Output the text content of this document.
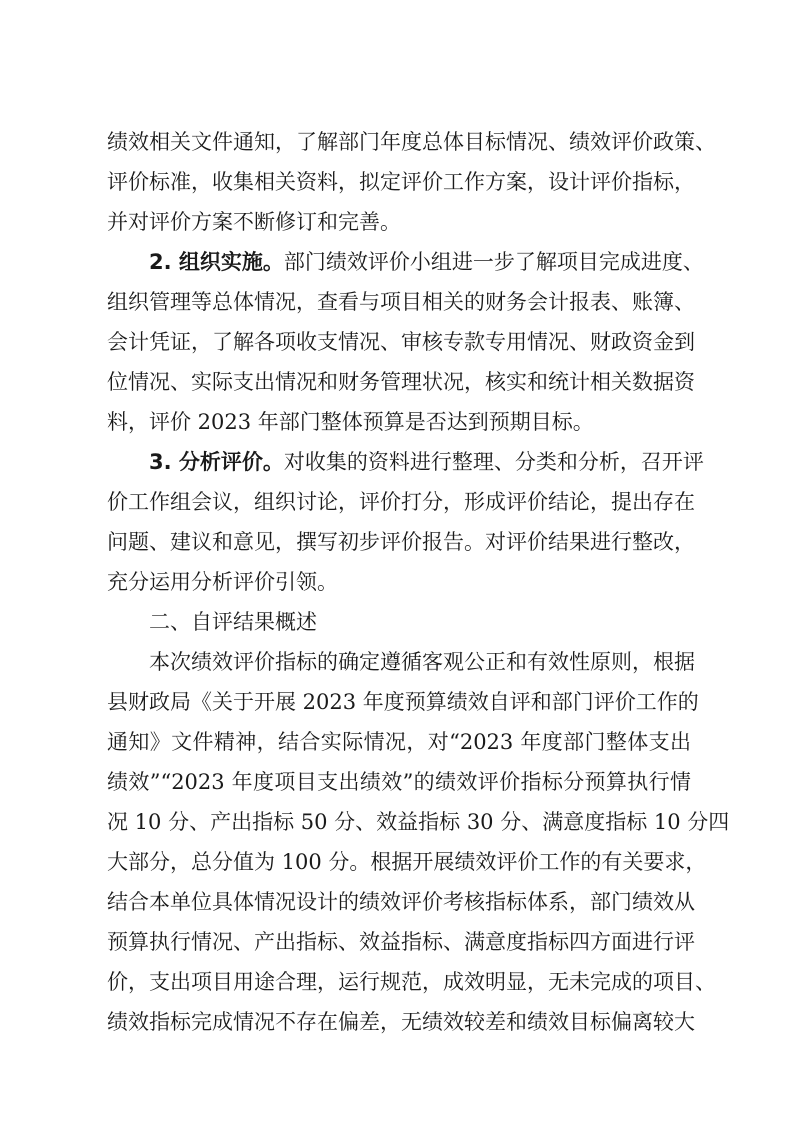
绩效相关文件通知，了解部门年度总体目标情况、绩效评价政策、
评价标准，收集相关资料，拟定评价工作方案，设计评价指标，
并对评价方案不断修订和完善。
2. 组织实施。部门绩效评价小组进一步了解项目完成进度、
组织管理等总体情况，查看与项目相关的财务会计报表、账簿、
会计凭证，了解各项收支情况、审核专款专用情况、财政资金到
位情况、实际支出情况和财务管理状况，核实和统计相关数据资
料，评价 2023 年部门整体预算是否达到预期目标。
3. 分析评价。对收集的资料进行整理、分类和分析，召开评
价工作组会议，组织讨论，评价打分，形成评价结论，提出存在
问题、建议和意见，撰写初步评价报告。对评价结果进行整改，
充分运用分析评价引领。
二、自评结果概述
本次绩效评价指标的确定遵循客观公正和有效性原则，根据
县财政局《关于开展 2023 年度预算绩效自评和部门评价工作的
通知》文件精神，结合实际情况，对“2023 年度部门整体支出
绩效”“2023 年度项目支出绩效”的绩效评价指标分预算执行情
况 10 分、产出指标 50 分、效益指标 30 分、满意度指标 10 分四
大部分，总分值为 100 分。根据开展绩效评价工作的有关要求，
结合本单位具体情况设计的绩效评价考核指标体系，部门绩效从
预算执行情况、产出指标、效益指标、满意度指标四方面进行评
价，支出项目用途合理，运行规范，成效明显，无未完成的项目、
绩效指标完成情况不存在偏差，无绩效较差和绩效目标偏离较大
